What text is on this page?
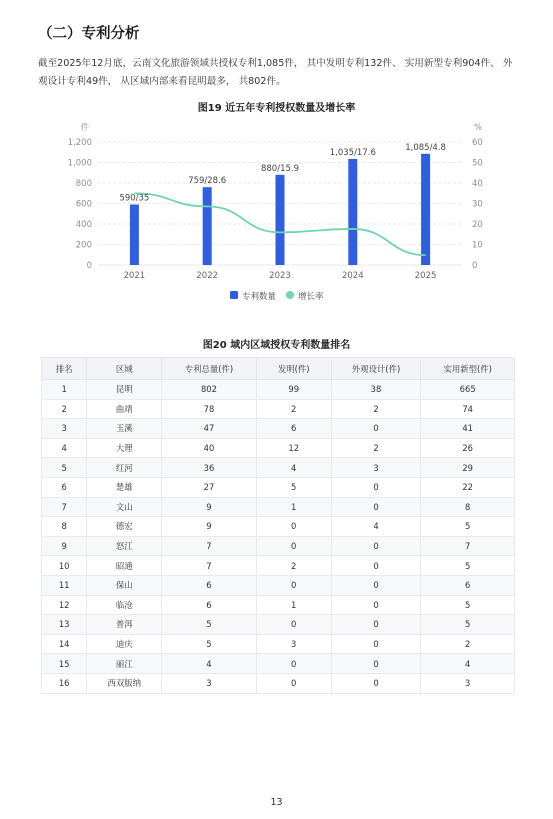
（二）专利分析
截至2025年12月底，云南文化旅游领域共授权专利1,085件， 其中发明专利132件、 实用新型专利904件、 外观设计专利49件， 从区域内部来看昆明最多， 共802件。
图19 近五年专利授权数量及增长率
0	0
200	10
400	20
600	30
800	40
1,000	50
1,200	60
件	%
590/35
759/28.6
880/15.9
1,035/17.6
1,085/4.8
2021	2022	2023	2024	2025
专利数量	增长率
图20 域内区域授权专利数量排名
排名	区域	专利总量(件)	发明(件)	外观设计(件)	实用新型(件)
1	昆明	802	99	38	665
2	曲靖	78	2	2	74
3	玉溪	47	6	0	41
4	大理	40	12	2	26
5	红河	36	4	3	29
6	楚雄	27	5	0	22
7	文山	9	1	0	8
8	德宏	9	0	4	5
9	怒江	7	0	0	7
10	昭通	7	2	0	5
11	保山	6	0	0	6
12	临沧	6	1	0	5
13	普洱	5	0	0	5
14	迪庆	5	3	0	2
15	丽江	4	0	0	4
16	西双版纳	3	0	0	3
13
